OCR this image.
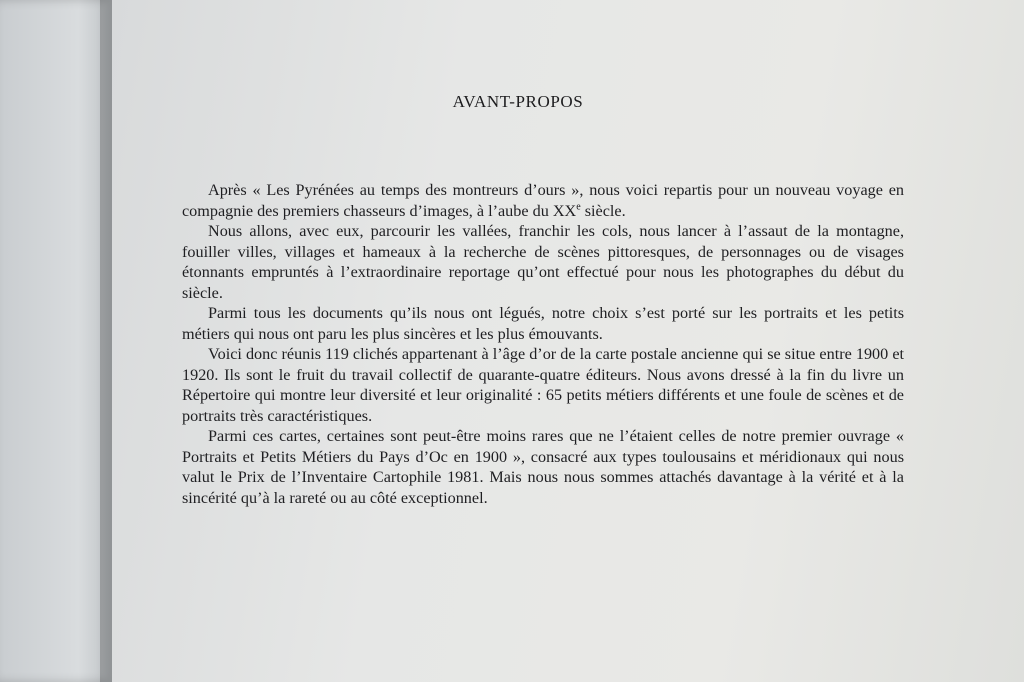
AVANT-PROPOS

Après « Les Pyrénées au temps des montreurs d’ours », nous voici repartis pour un nouveau voyage en compagnie des premiers chasseurs d’images, à l’aube du XXe siècle.

Nous allons, avec eux, parcourir les vallées, franchir les cols, nous lancer à l’assaut de la montagne, fouiller villes, villages et hameaux à la recherche de scènes pittoresques, de personnages ou de visages étonnants empruntés à l’extraordinaire reportage qu’ont effectué pour nous les photographes du début du siècle.

Parmi tous les documents qu’ils nous ont légués, notre choix s’est porté sur les portraits et les petits métiers qui nous ont paru les plus sincères et les plus émouvants.

Voici donc réunis 119 clichés appartenant à l’âge d’or de la carte postale ancienne qui se situe entre 1900 et 1920. Ils sont le fruit du travail collectif de quarante-quatre éditeurs. Nous avons dressé à la fin du livre un Répertoire qui montre leur diversité et leur originalité : 65 petits métiers différents et une foule de scènes et de portraits très caractéristiques.

Parmi ces cartes, certaines sont peut-être moins rares que ne l’étaient celles de notre premier ouvrage « Portraits et Petits Métiers du Pays d’Oc en 1900 », consacré aux types toulousains et méridionaux qui nous valut le Prix de l’Inventaire Cartophile 1981. Mais nous nous sommes attachés davantage à la vérité et à la sincérité qu’à la rareté ou au côté exceptionnel.
